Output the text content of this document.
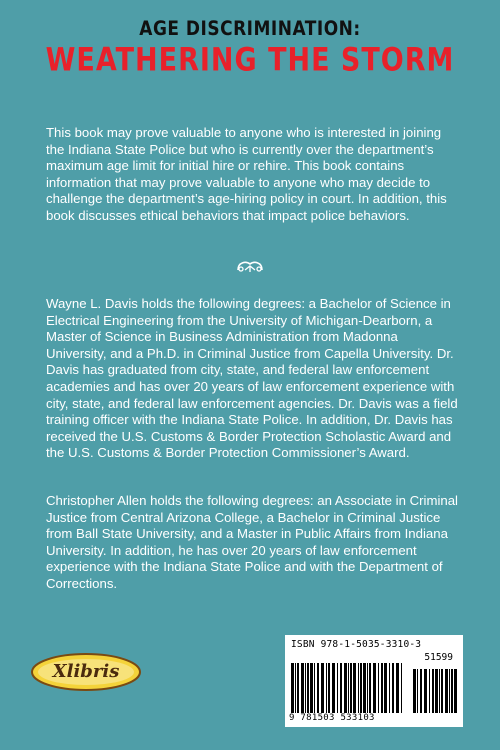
AGE DISCRIMINATION:
WEATHERING THE STORM
This book may prove valuable to anyone who is interested in joining the Indiana State Police but who is currently over the department’s maximum age limit for initial hire or rehire. This book contains information that may prove valuable to anyone who may decide to challenge the department’s age-hiring policy in court. In addition, this book discusses ethical behaviors that impact police behaviors.
Wayne L. Davis holds the following degrees: a Bachelor of Science in Electrical Engineering from the University of Michigan-Dearborn, a Master of Science in Business Administration from Madonna University, and a Ph.D. in Criminal Justice from Capella University. Dr. Davis has graduated from city, state, and federal law enforcement academies and has over 20 years of law enforcement experience with city, state, and federal law enforcement agencies. Dr. Davis was a field training officer with the Indiana State Police. In addition, Dr. Davis has received the U.S. Customs & Border Protection Scholastic Award and the U.S. Customs & Border Protection Commissioner’s Award.
Christopher Allen holds the following degrees: an Associate in Criminal Justice from Central Arizona College, a Bachelor in Criminal Justice from Ball State University, and a Master in Public Affairs from Indiana University. In addition, he has over 20 years of law enforcement experience with the Indiana State Police and with the Department of Corrections.
Xlibris
ISBN 978-1-5035-3310-3
51599
9 781503 533103
